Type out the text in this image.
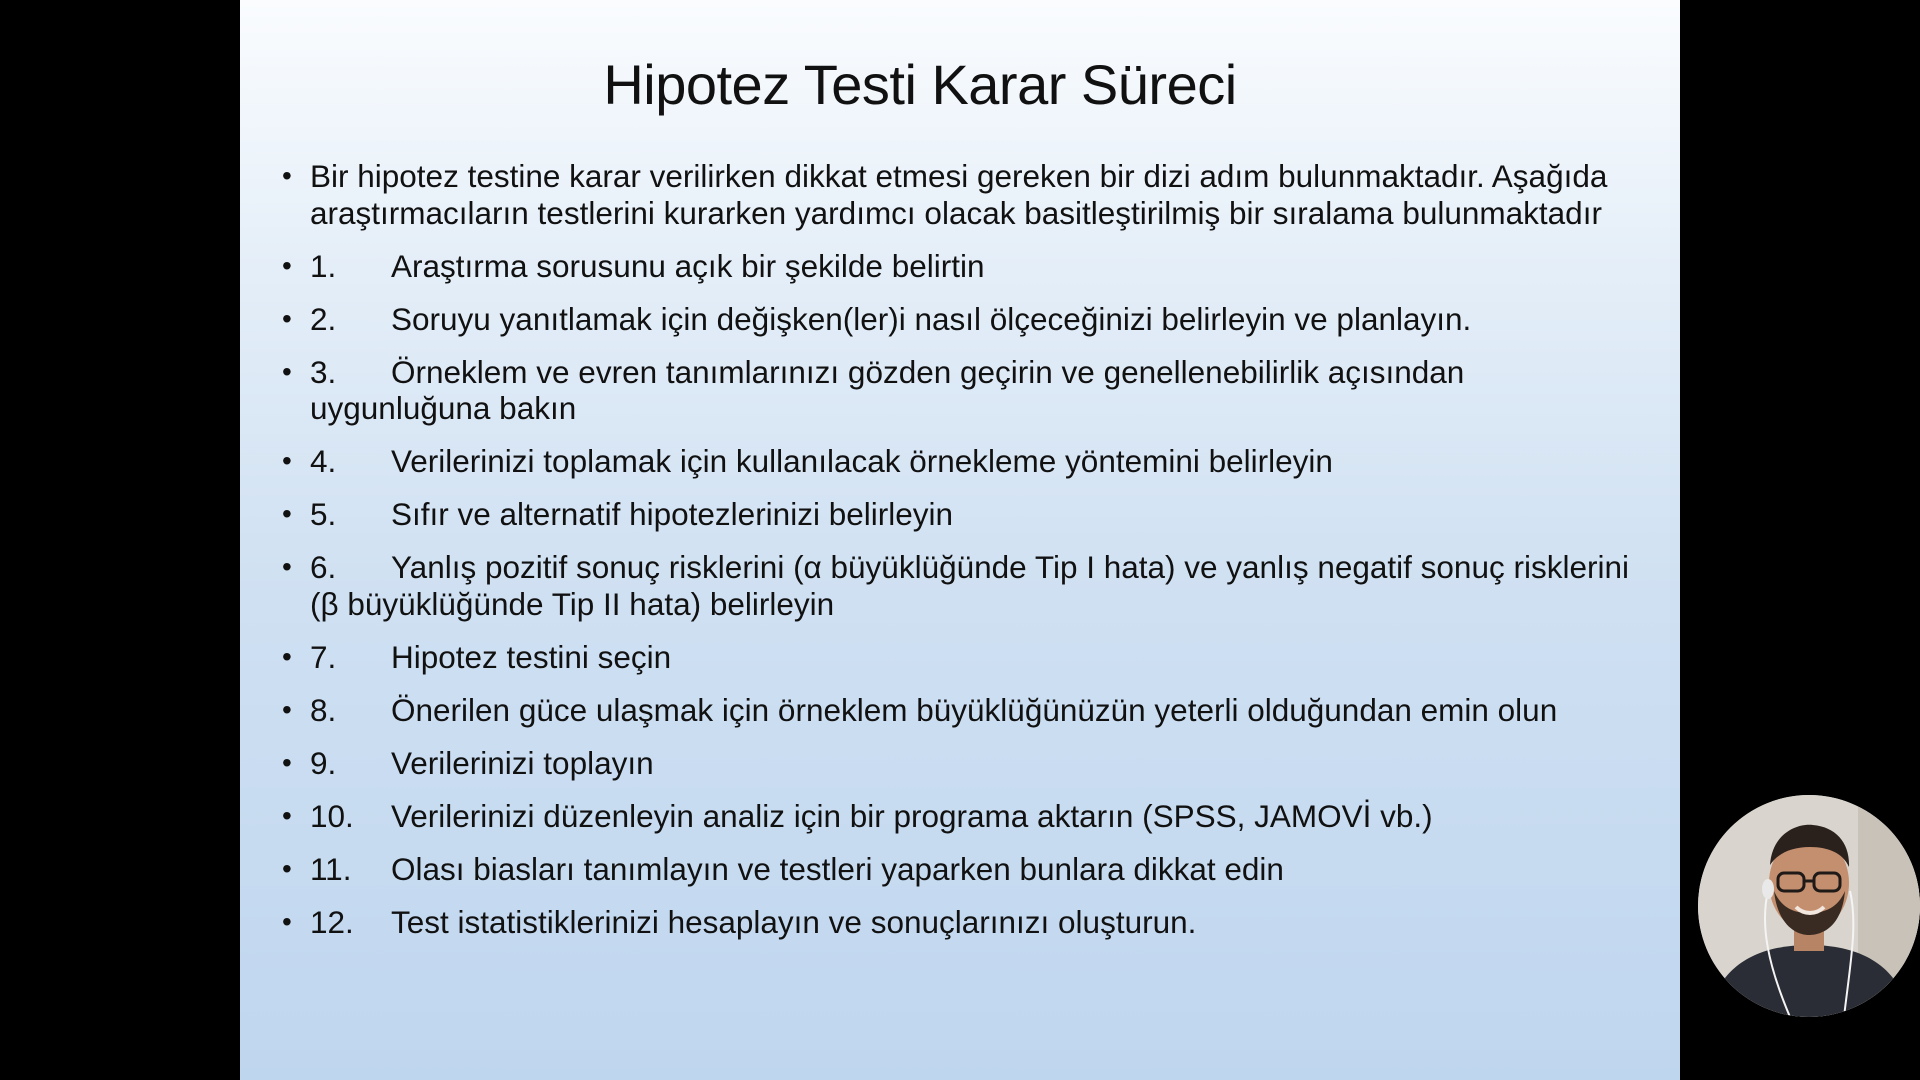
Hipotez Testi Karar Süreci
• Bir hipotez testine karar verilirken dikkat etmesi gereken bir dizi adım bulunmaktadır. Aşağıda araştırmacıların testlerini kurarken yardımcı olacak basitleştirilmiş bir sıralama bulunmaktadır
• 1. Araştırma sorusunu açık bir şekilde belirtin
• 2. Soruyu yanıtlamak için değişken(ler)i nasıl ölçeceğinizi belirleyin ve planlayın.
• 3. Örneklem ve evren tanımlarınızı gözden geçirin ve genellenebilirlik açısından uygunluğuna bakın
• 4. Verilerinizi toplamak için kullanılacak örnekleme yöntemini belirleyin
• 5. Sıfır ve alternatif hipotezlerinizi belirleyin
• 6. Yanlış pozitif sonuç risklerini (α büyüklüğünde Tip I hata) ve yanlış negatif sonuç risklerini (β büyüklüğünde Tip II hata) belirleyin
• 7. Hipotez testini seçin
• 8. Önerilen güce ulaşmak için örneklem büyüklüğünüzün yeterli olduğundan emin olun
• 9. Verilerinizi toplayın
• 10. Verilerinizi düzenleyin analiz için bir programa aktarın (SPSS, JAMOVİ vb.)
• 11. Olası biasları tanımlayın ve testleri yaparken bunlara dikkat edin
• 12. Test istatistiklerinizi hesaplayın ve sonuçlarınızı oluşturun.
